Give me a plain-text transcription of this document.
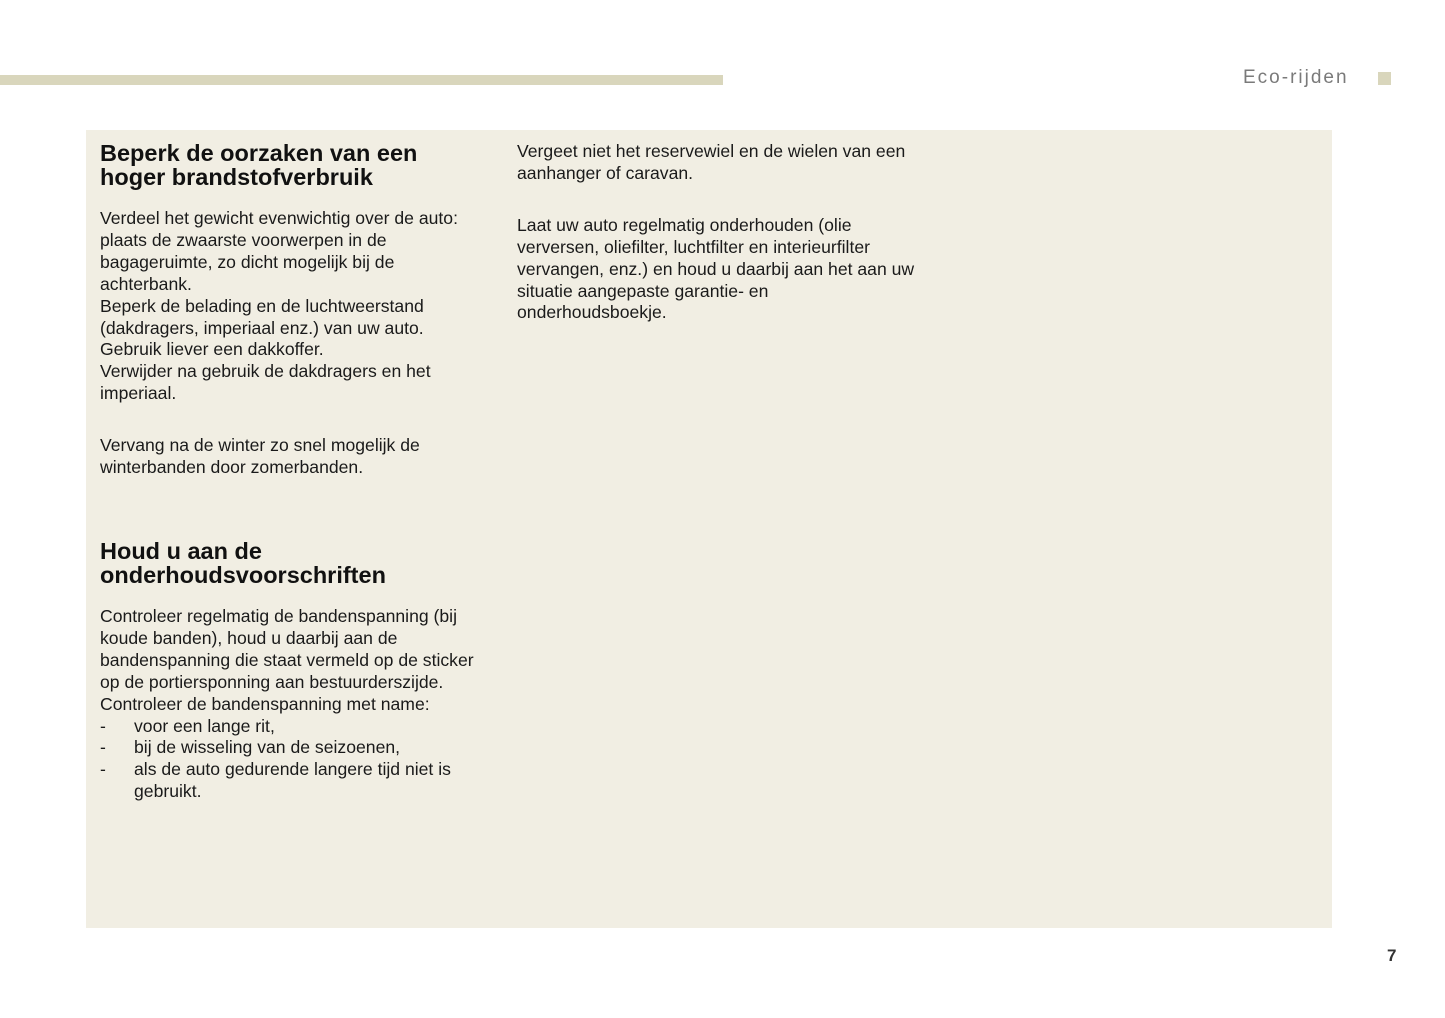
Eco-rijden
Beperk de oorzaken van een
hoger brandstofverbruik

Verdeel het gewicht evenwichtig over de auto: plaats de zwaarste voorwerpen in de bagageruimte, zo dicht mogelijk bij de achterbank.

Beperk de belading en de luchtweerstand (dakdragers, imperiaal enz.) van uw auto. Gebruik liever een dakkoffer.

Verwijder na gebruik de dakdragers en het imperiaal.

Vervang na de winter zo snel mogelijk de winterbanden door zomerbanden.

Houd u aan de
onderhoudsvoorschriften

Controleer regelmatig de bandenspanning (bij koude banden), houd u daarbij aan de bandenspanning die staat vermeld op de sticker op de portiersponning aan bestuurderszijde.

Controleer de bandenspanning met name:

- voor een lange rit,
- bij de wisseling van de seizoenen,
- als de auto gedurende langere tijd niet is gebruikt.

Vergeet niet het reservewiel en de wielen van een aanhanger of caravan.

Laat uw auto regelmatig onderhouden (olie verversen, oliefilter, luchtfilter en interieurfilter vervangen, enz.) en houd u daarbij aan het aan uw situatie aangepaste garantie- en onderhoudsboekje.

7
